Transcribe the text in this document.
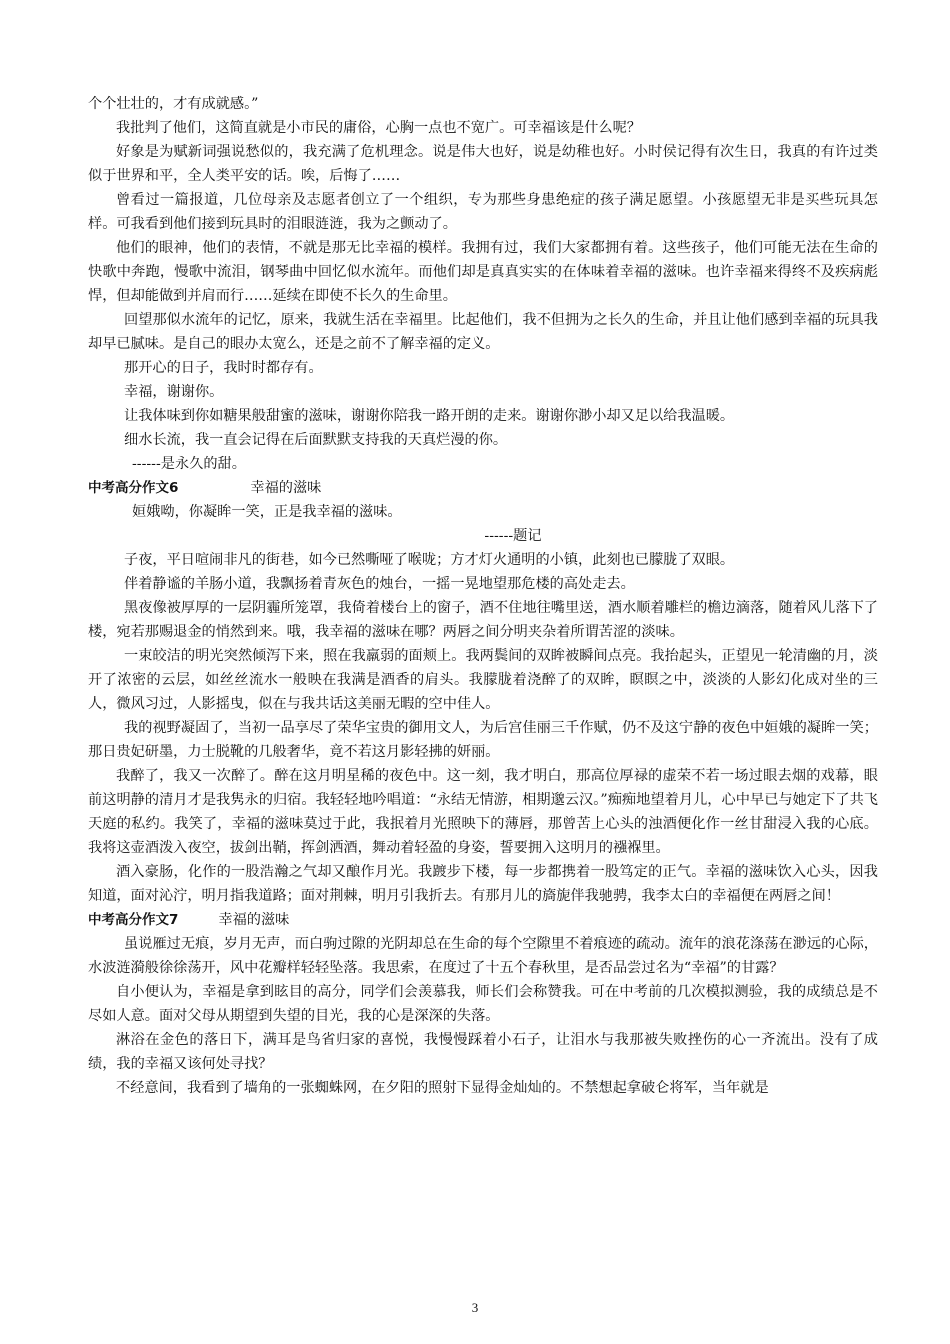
个个壮壮的，才有成就感。”

我批判了他们，这简直就是小市民的庸俗，心胸一点也不宽广。可幸福该是什么呢？

好象是为赋新词强说愁似的，我充满了危机理念。说是伟大也好，说是幼稚也好。小时侯记得有次生日，我真的有许过类似于世界和平，全人类平安的话。唉，后悔了……

曾看过一篇报道，几位母亲及志愿者创立了一个组织，专为那些身患绝症的孩子满足愿望。小孩愿望无非是买些玩具怎样。可我看到他们接到玩具时的泪眼涟涟，我为之颤动了。

他们的眼神，他们的表情，不就是那无比幸福的模样。我拥有过，我们大家都拥有着。这些孩子，他们可能无法在生命的快歌中奔跑，慢歌中流泪，钢琴曲中回忆似水流年。而他们却是真真实实的在体味着幸福的滋味。也许幸福来得终不及疾病彪悍，但却能做到并肩而行……延续在即使不长久的生命里。

回望那似水流年的记忆，原来，我就生活在幸福里。比起他们，我不但拥为之长久的生命，并且让他们感到幸福的玩具我却早已腻味。是自己的眼办太宽么，还是之前不了解幸福的定义。

那开心的日子，我时时都存有。

幸福，谢谢你。

让我体味到你如糖果般甜蜜的滋味，谢谢你陪我一路开朗的走来。谢谢你渺小却又足以给我温暖。

细水长流，我一直会记得在后面默默支持我的天真烂漫的你。

------是永久的甜。

中考高分作文6	幸福的滋味

姮娥呦，你凝眸一笑，正是我幸福的滋味。

------题记

子夜，平日喧闹非凡的街巷，如今已然嘶哑了喉咙；方才灯火通明的小镇，此刻也已朦胧了双眼。

伴着静谧的羊肠小道，我飘扬着青灰色的烛台，一摇一晃地望那危楼的高处走去。

黑夜像被厚厚的一层阴霾所笼罩，我倚着楼台上的窗子，酒不住地往嘴里送，酒水顺着雕栏的檐边滴落，随着风儿落下了楼，宛若那赐退金的悄然到来。哦，我幸福的滋味在哪？两唇之间分明夹杂着所谓苦涩的淡味。

一束皎洁的明光突然倾泻下来，照在我羸弱的面颊上。我两鬓间的双眸被瞬间点亮。我抬起头，正望见一轮清幽的月，淡开了浓密的云层，如丝丝流水一般映在我满是酒香的肩头。我朦胧着浇醉了的双眸，瞑瞑之中，淡淡的人影幻化成对坐的三人，微风习过，人影摇曳，似在与我共话这美丽无暇的空中佳人。

我的视野凝固了，当初一品享尽了荣华宝贵的御用文人，为后宫佳丽三千作赋，仍不及这宁静的夜色中姮娥的凝眸一笑；那日贵妃研墨，力士脱靴的几般奢华，竟不若这月影轻拂的妍丽。

我醉了，我又一次醉了。醉在这月明星稀的夜色中。这一刻，我才明白，那高位厚禄的虚荣不若一场过眼去烟的戏幕，眼前这明静的清月才是我隽永的归宿。我轻轻地吟唱道：“永结无情游，相期邈云汉。”痴痴地望着月儿，心中早已与她定下了共飞天庭的私约。我笑了，幸福的滋味莫过于此，我抿着月光照映下的薄唇，那曾苦上心头的浊酒便化作一丝甘甜浸入我的心底。我将这壶酒泼入夜空，拔剑出鞘，挥剑洒酒，舞动着轻盈的身姿，誓要拥入这明月的襁褓里。

酒入豪肠，化作的一股浩瀚之气却又酿作月光。我踱步下楼，每一步都携着一股笃定的正气。幸福的滋味饮入心头，因我知道，面对沁泞，明月指我道路；面对荆棘，明月引我折去。有那月儿的旖旎伴我驰骋，我李太白的幸福便在两唇之间！

中考高分作文7	幸福的滋味

虽说雁过无痕，岁月无声，而白驹过隙的光阴却总在生命的每个空隙里不着痕迹的疏动。流年的浪花涤荡在渺远的心际，水波涟漪般徐徐荡开，风中花瓣样轻轻坠落。我思索，在度过了十五个春秋里，是否品尝过名为“幸福”的甘露？

自小便认为，幸福是拿到眩目的高分，同学们会羡慕我，师长们会称赞我。可在中考前的几次模拟测验，我的成绩总是不尽如人意。面对父母从期望到失望的目光，我的心是深深的失落。

淋浴在金色的落日下，满耳是鸟省归家的喜悦，我慢慢踩着小石子，让泪水与我那被失败挫伤的心一齐流出。没有了成绩，我的幸福又该何处寻找？

不经意间，我看到了墙角的一张蜘蛛网，在夕阳的照射下显得金灿灿的。不禁想起拿破仑将军，当年就是

3
